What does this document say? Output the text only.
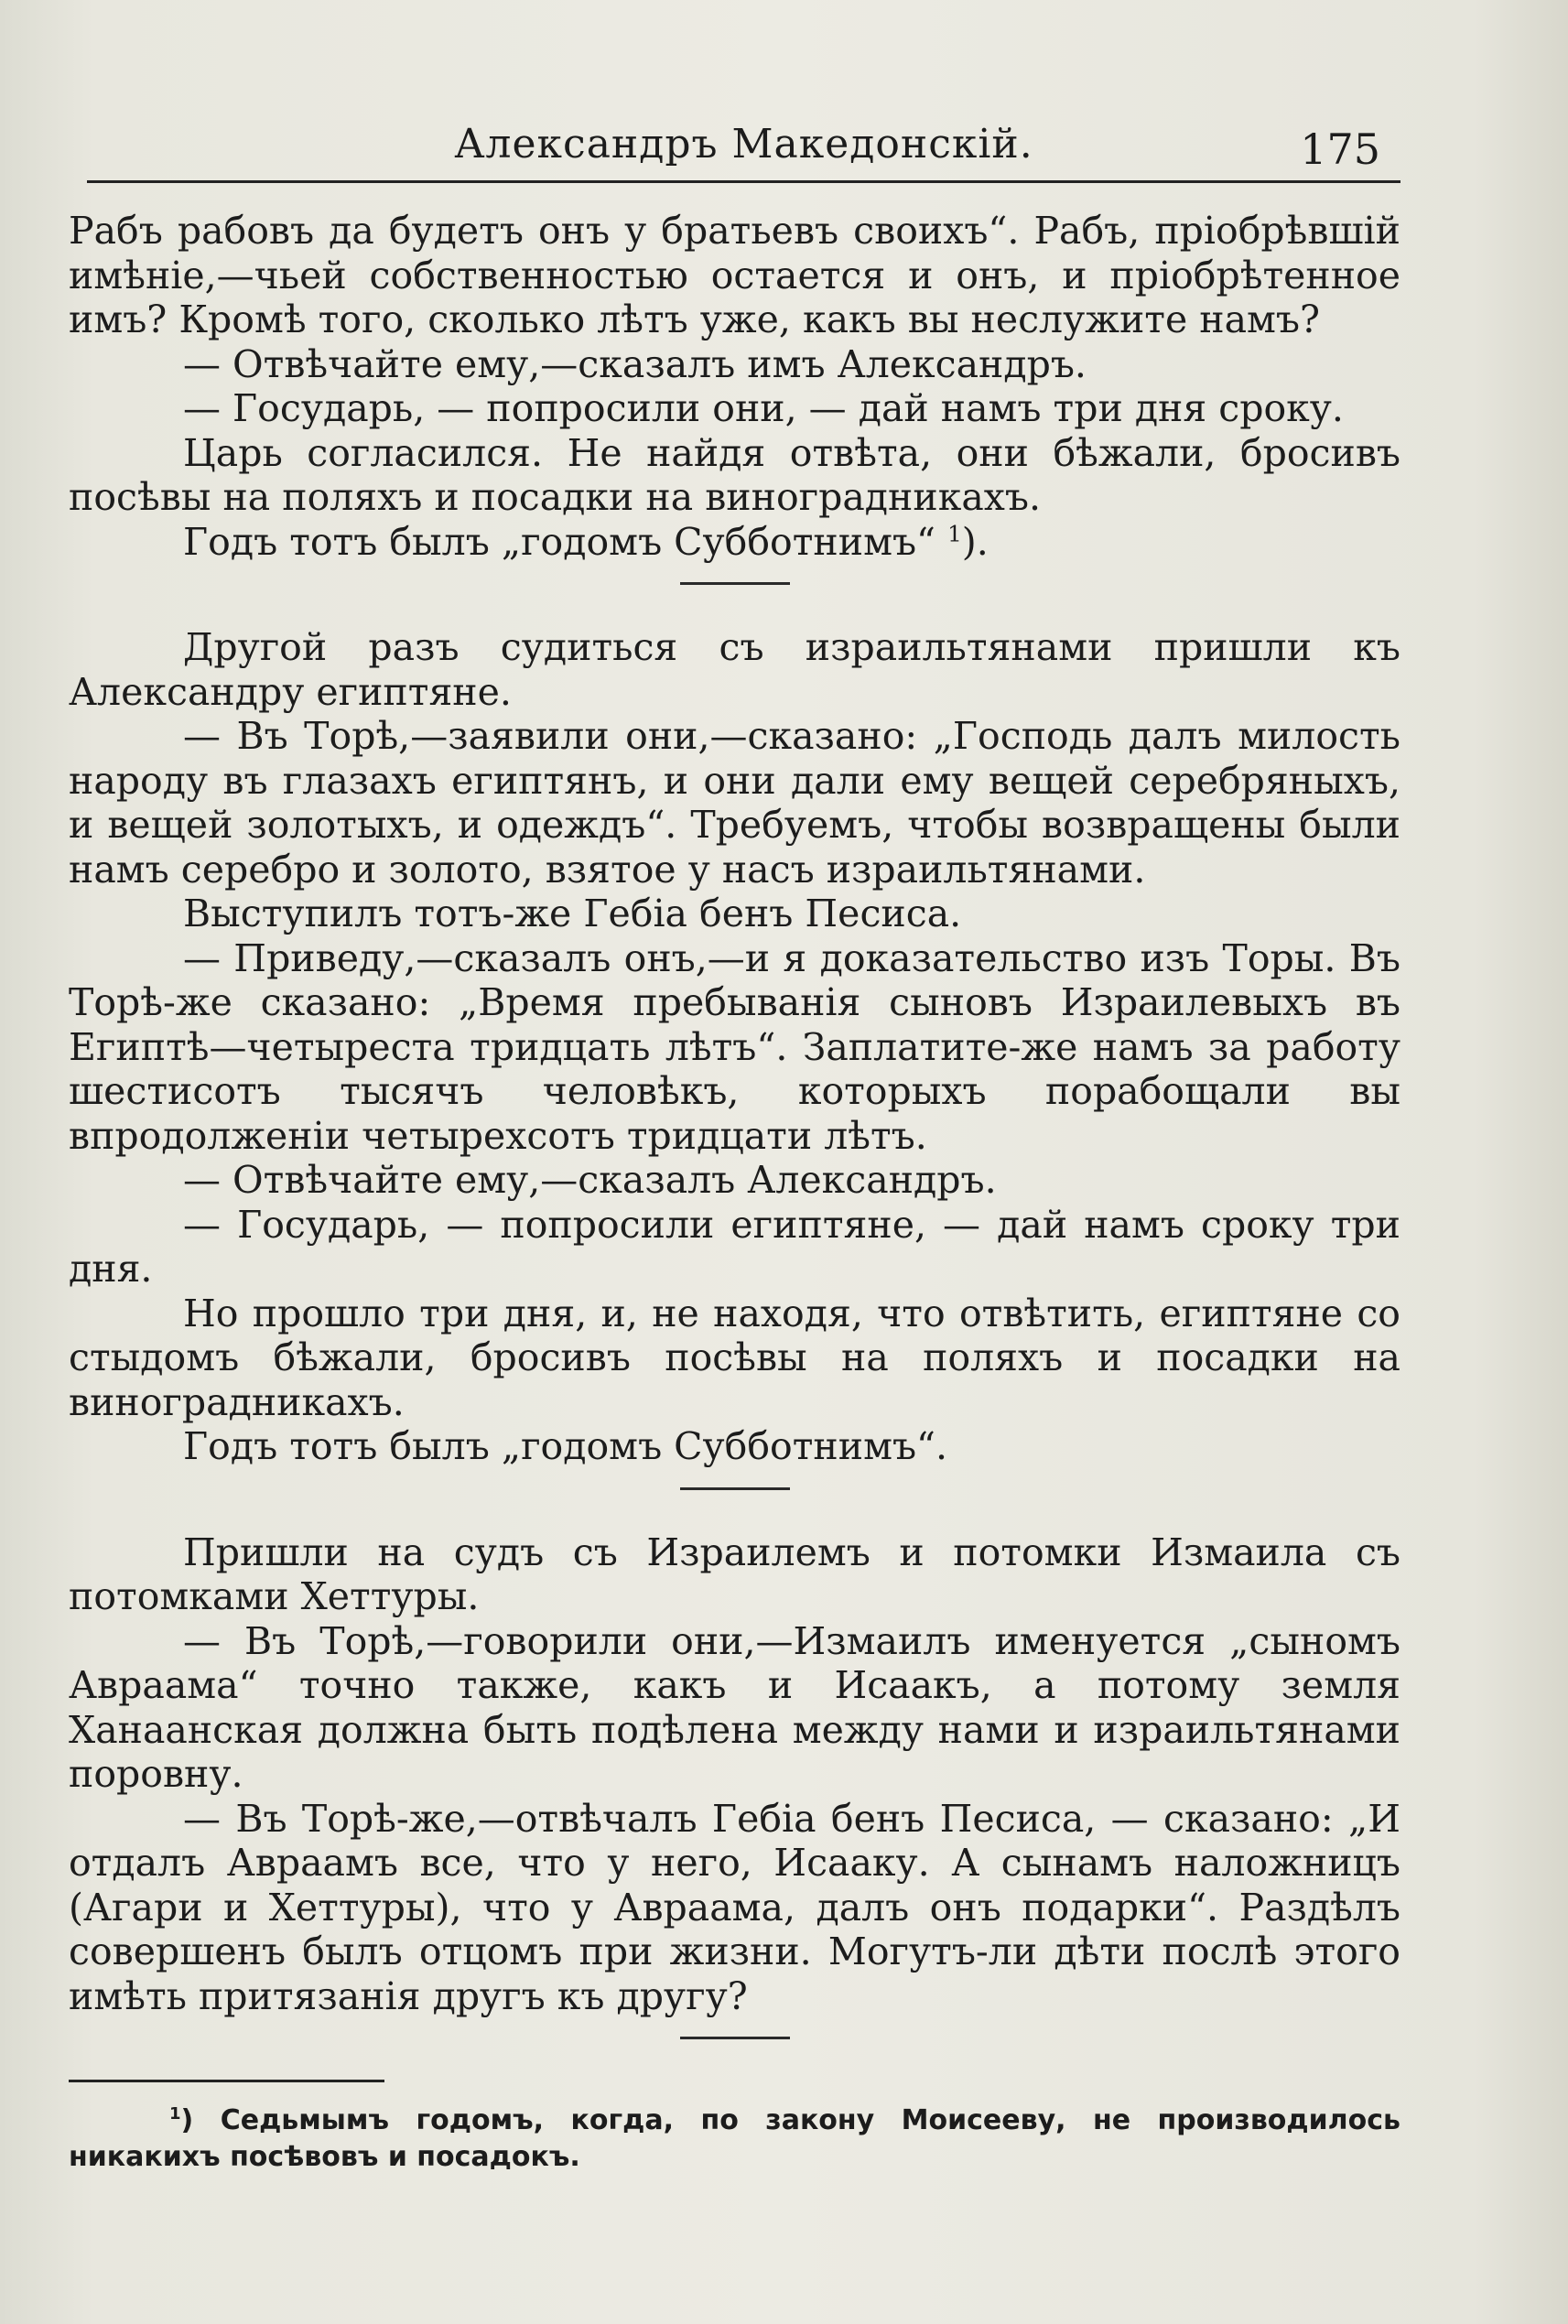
Александръ Македонскій.	175

Рабъ рабовъ да будетъ онъ у братьевъ своихъ“. Рабъ, пріобрѣвшій имѣніе,—чьей собственностью остается и онъ, и пріобрѣтенное имъ? Кромѣ того, сколько лѣтъ уже, какъ вы неслужите намъ?

— Отвѣчайте ему,—сказалъ имъ Александръ.

— Государь, — попросили они, — дай намъ три дня сроку.

Царь согласился. Не найдя отвѣта, они бѣжали, бросивъ посѣвы на поляхъ и посадки на виноградникахъ.

Годъ тотъ былъ „годомъ Субботнимъ“ $^1$).

Другой разъ судиться съ израильтянами пришли къ Александру египтяне.

— Въ Торѣ,—заявили они,—сказано: „Господь далъ милость народу въ глазахъ египтянъ, и они дали ему вещей серебряныхъ, и вещей золотыхъ, и одеждъ“. Требуемъ, чтобы возвращены были намъ серебро и золото, взятое у насъ израильтянами.

Выступилъ тотъ-же Гебіа бенъ Песиса.

— Приведу,—сказалъ онъ,—и я доказательство изъ Торы. Въ Торѣ-же сказано: „Время пребыванія сыновъ Израилевыхъ въ Египтѣ—четыреста тридцать лѣтъ“. Заплатите-же намъ за работу шестисотъ тысячъ человѣкъ, которыхъ порабощали вы впродолженіи четырехсотъ тридцати лѣтъ.

— Отвѣчайте ему,—сказалъ Александръ.

— Государь, — попросили египтяне, — дай намъ сроку три дня.

Но прошло три дня, и, не находя, что отвѣтить, египтяне со стыдомъ бѣжали, бросивъ посѣвы на поляхъ и посадки на виноградникахъ.

Годъ тотъ былъ „годомъ Субботнимъ“.

Пришли на судъ съ Израилемъ и потомки Измаила съ потомками Хеттуры.

— Въ Торѣ,—говорили они,—Измаилъ именуется „сыномъ Авраама“ точно также, какъ и Исаакъ, а потому земля Ханаанская должна быть подѣлена между нами и израильтянами поровну.

— Въ Торѣ-же,—отвѣчалъ Гебіа бенъ Песиса, — сказано: „И отдалъ Авраамъ все, что у него, Исааку. А сынамъ наложницъ (Агари и Хеттуры), что у Авраама, далъ онъ подарки“. Раздѣлъ совершенъ былъ отцомъ при жизни. Могутъ-ли дѣти послѣ этого имѣть притязанія другъ къ другу?

$^1$) Седьмымъ годомъ, когда, по закону Моисееву, не производилось никакихъ посѣвовъ и посадокъ.
